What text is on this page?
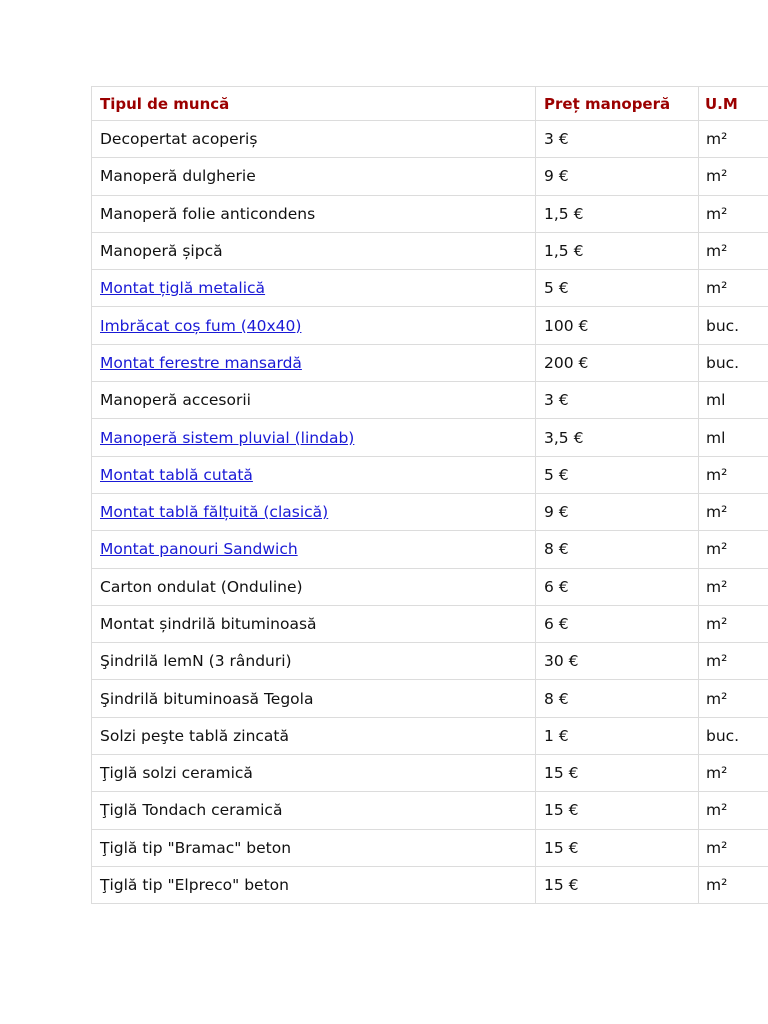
Tipul de muncă	Preț manoperă	U.M
Decopertat acoperiș	3 €	m²
Manoperă dulgherie	9 €	m²
Manoperă folie anticondens	1,5 €	m²
Manoperă șipcă	1,5 €	m²
Montat țiglă metalică	5 €	m²
Imbrăcat coș fum (40x40)	100 €	buc.
Montat ferestre mansardă	200 €	buc.
Manoperă accesorii	3 €	ml
Manoperă sistem pluvial (lindab)	3,5 €	ml
Montat tablă cutată	5 €	m²
Montat tablă fălțuită (clasică)	9 €	m²
Montat panouri Sandwich	8 €	m²
Carton ondulat (Onduline)	6 €	m²
Montat șindrilă bituminoasă	6 €	m²
Şindrilă lemN (3 rânduri)	30 €	m²
Şindrilă bituminoasă Tegola	8 €	m²
Solzi peşte tablă zincată	1 €	buc.
Ţiglă solzi ceramică	15 €	m²
Ţiglă Tondach ceramică	15 €	m²
Ţiglă tip "Bramac" beton	15 €	m²
Ţiglă tip "Elpreco" beton	15 €	m²
